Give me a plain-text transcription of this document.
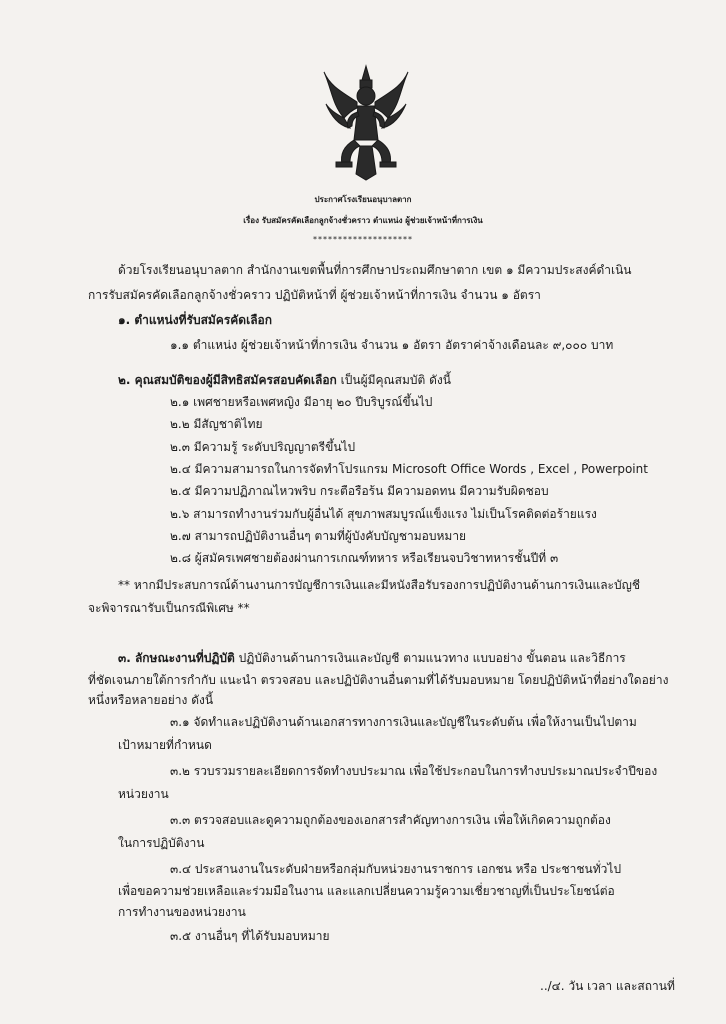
ประกาศโรงเรียนอนุบาลตาก
เรื่อง รับสมัครคัดเลือกลูกจ้างชั่วคราว ตำแหน่ง ผู้ช่วยเจ้าหน้าที่การเงิน
********************
ด้วยโรงเรียนอนุบาลตาก สำนักงานเขตพื้นที่การศึกษาประถมศึกษาตาก เขต ๑ มีความประสงค์ดำเนิน
การรับสมัครคัดเลือกลูกจ้างชั่วคราว ปฏิบัติหน้าที่ ผู้ช่วยเจ้าหน้าที่การเงิน จำนวน ๑ อัตรา
๑. ตำแหน่งที่รับสมัครคัดเลือก
๑.๑ ตำแหน่ง ผู้ช่วยเจ้าหน้าที่การเงิน จำนวน ๑ อัตรา อัตราค่าจ้างเดือนละ ๙,๐๐๐ บาท
๒. คุณสมบัติของผู้มีสิทธิสมัครสอบคัดเลือก เป็นผู้มีคุณสมบัติ ดังนี้
๒.๑ เพศชายหรือเพศหญิง มีอายุ ๒๐ ปีบริบูรณ์ขึ้นไป
๒.๒ มีสัญชาติไทย
๒.๓ มีความรู้ ระดับปริญญาตรีขึ้นไป
๒.๔ มีความสามารถในการจัดทำโปรแกรม Microsoft Office Words , Excel , Powerpoint
๒.๕ มีความปฏิภาณไหวพริบ กระตือรือร้น มีความอดทน มีความรับผิดชอบ
๒.๖ สามารถทำงานร่วมกับผู้อื่นได้ สุขภาพสมบูรณ์แข็งแรง ไม่เป็นโรคติดต่อร้ายแรง
๒.๗ สามารถปฏิบัติงานอื่นๆ ตามที่ผู้บังคับบัญชามอบหมาย
๒.๘ ผู้สมัครเพศชายต้องผ่านการเกณฑ์ทหาร หรือเรียนจบวิชาทหารชั้นปีที่ ๓
** หากมีประสบการณ์ด้านงานการบัญชีการเงินและมีหนังสือรับรองการปฏิบัติงานด้านการเงินและบัญชี
จะพิจารณารับเป็นกรณีพิเศษ **
๓. ลักษณะงานที่ปฏิบัติ ปฏิบัติงานด้านการเงินและบัญชี ตามแนวทาง แบบอย่าง ขั้นตอน และวิธีการ
ที่ชัดเจนภายใต้การกำกับ แนะนำ ตรวจสอบ และปฏิบัติงานอื่นตามที่ได้รับมอบหมาย โดยปฏิบัติหน้าที่อย่างใดอย่าง
หนึ่งหรือหลายอย่าง ดังนี้
๓.๑ จัดทำและปฏิบัติงานด้านเอกสารทางการเงินและบัญชีในระดับต้น เพื่อให้งานเป็นไปตาม
เป้าหมายที่กำหนด
๓.๒ รวบรวมรายละเอียดการจัดทำงบประมาณ เพื่อใช้ประกอบในการทำงบประมาณประจำปีของ
หน่วยงาน
๓.๓ ตรวจสอบและดูความถูกต้องของเอกสารสำคัญทางการเงิน เพื่อให้เกิดความถูกต้อง
ในการปฏิบัติงาน
๓.๔ ประสานงานในระดับฝ่ายหรือกลุ่มกับหน่วยงานราชการ เอกชน หรือ ประชาชนทั่วไป
เพื่อขอความช่วยเหลือและร่วมมือในงาน และแลกเปลี่ยนความรู้ความเชี่ยวชาญที่เป็นประโยชน์ต่อ
การทำงานของหน่วยงาน
๓.๕ งานอื่นๆ ที่ได้รับมอบหมาย
../๔. วัน เวลา และสถานที่
